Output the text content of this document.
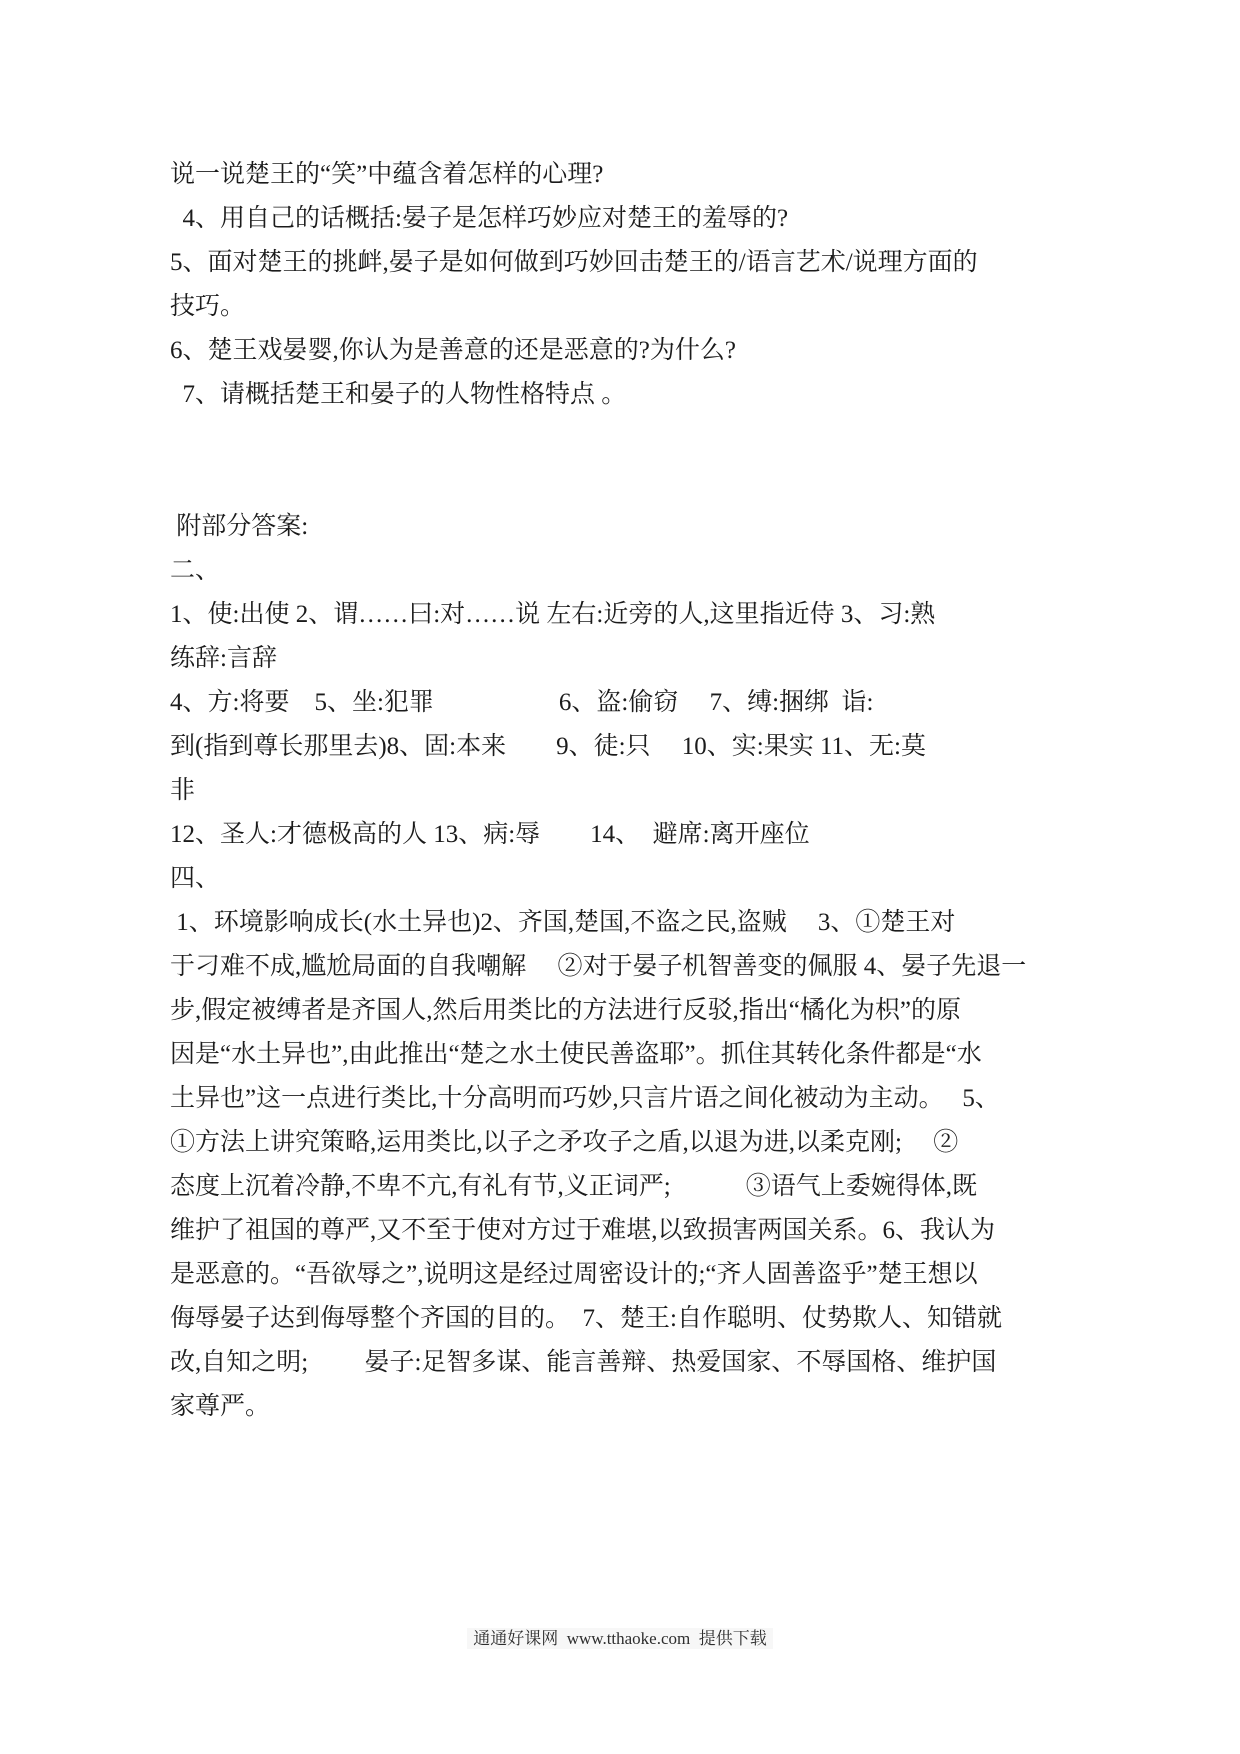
说一说楚王的“笑”中蕴含着怎样的心理?

4、用自己的话概括:晏子是怎样巧妙应对楚王的羞辱的?

5、面对楚王的挑衅,晏子是如何做到巧妙回击楚王的/语言艺术/说理方面的

技巧。

6、楚王戏晏婴,你认为是善意的还是恶意的?为什么?

7、请概括楚王和晏子的人物性格特点 。

附部分答案:

二、

1、使:出使 2、谓……曰:对……说 左右:近旁的人,这里指近侍 3、习:熟

练辞:言辞

4、方:将要　5、坐:犯罪　　　　　6、盗:偷窃　 7、缚:捆绑  诣:

到(指到尊长那里去)8、固:本来　　9、徒:只　 10、实:果实 11、无:莫

非

12、圣人:才德极高的人 13、病:辱　　14、　避席:离开座位

四、

1、环境影响成长(水土异也)2、齐国,楚国,不盗之民,盗贼　 3、①楚王对

于刁难不成,尴尬局面的自我嘲解　 ②对于晏子机智善变的佩服 4、晏子先退一

步,假定被缚者是齐国人,然后用类比的方法进行反驳,指出“橘化为枳”的原

因是“水土异也”,由此推出“楚之水土使民善盗耶”。抓住其转化条件都是“水

土异也”这一点进行类比,十分高明而巧妙,只言片语之间化被动为主动。　 5、

①方法上讲究策略,运用类比,以子之矛攻子之盾,以退为进,以柔克刚; 　②

态度上沉着冷静,不卑不亢,有礼有节,义正词严;　　　③语气上委婉得体,既

维护了祖国的尊严,又不至于使对方过于难堪,以致损害两国关系。6、我认为

是恶意的。“吾欲辱之”,说明这是经过周密设计的;“齐人固善盗乎”楚王想以

侮辱晏子达到侮辱整个齐国的目的。　7、楚王:自作聪明、仗势欺人、知错就

改,自知之明;　　 晏子:足智多谋、能言善辩、热爱国家、不辱国格、维护国

家尊严。

通通好课网  www.tthaoke.com  提供下载
